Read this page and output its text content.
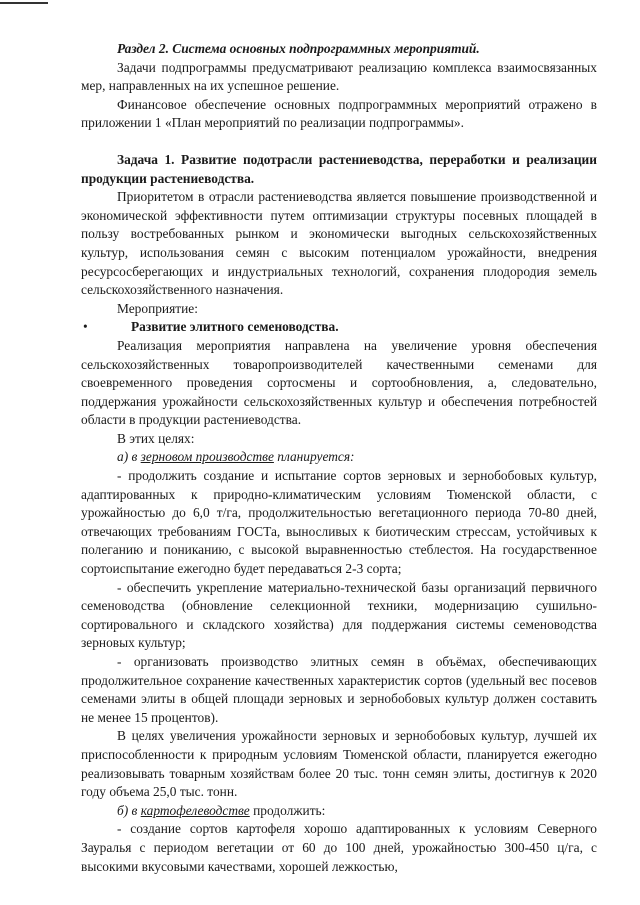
Раздел 2. Система основных подпрограммных мероприятий.

Задачи подпрограммы предусматривают реализацию комплекса взаимосвязанных мер, направленных на их успешное решение.

Финансовое обеспечение основных подпрограммных мероприятий отражено в приложении 1 «План мероприятий по реализации подпрограммы».

Задача 1. Развитие подотрасли растениеводства, переработки и реализации продукции растениеводства.

Приоритетом в отрасли растениеводства является повышение производственной и экономической эффективности путем оптимизации структуры посевных площадей в пользу востребованных рынком и экономически выгодных сельскохозяйственных культур, использования семян с высоким потенциалом урожайности, внедрения ресурсосберегающих и индустриальных технологий, сохранения плодородия земель сельскохозяйственного назначения.

Мероприятие:

•	Развитие элитного семеноводства.

Реализация мероприятия направлена на увеличение уровня обеспечения сельскохозяйственных товаропроизводителей качественными семенами для своевременного проведения сортосмены и сортообновления, а, следовательно, поддержания урожайности сельскохозяйственных культур и обеспечения потребностей области в продукции растениеводства.

В этих целях:

а) в зерновом производстве планируется:

- продолжить создание и испытание сортов зерновых и зернобобовых культур, адаптированных к природно-климатическим условиям Тюменской области, с урожайностью до 6,0 т/га, продолжительностью вегетационного периода 70-80 дней, отвечающих требованиям ГОСТа, выносливых к биотическим стрессам, устойчивых к полеганию и пониканию, с высокой выравненностью стеблестоя. На государственное сортоиспытание ежегодно будет передаваться 2-3 сорта;

- обеспечить укрепление материально-технической базы организаций первичного семеноводства (обновление селекционной техники, модернизацию сушильно-сортировального и складского хозяйства) для поддержания системы семеноводства зерновых культур;

- организовать производство элитных семян в объёмах, обеспечивающих продолжительное сохранение качественных характеристик сортов (удельный вес посевов семенами элиты в общей площади зерновых и зернобобовых культур должен составить не менее 15 процентов).

В целях увеличения урожайности зерновых и зернобобовых культур, лучшей их приспособленности к природным условиям Тюменской области, планируется ежегодно реализовывать товарным хозяйствам более 20 тыс. тонн семян элиты, достигнув к 2020 году объема 25,0 тыс. тонн.

б) в картофелеводстве продолжить:

- создание сортов картофеля хорошо адаптированных к условиям Северного Зауралья с периодом вегетации от 60 до 100 дней, урожайностью 300-450 ц/га, с высокими вкусовыми качествами, хорошей лежкостью,
